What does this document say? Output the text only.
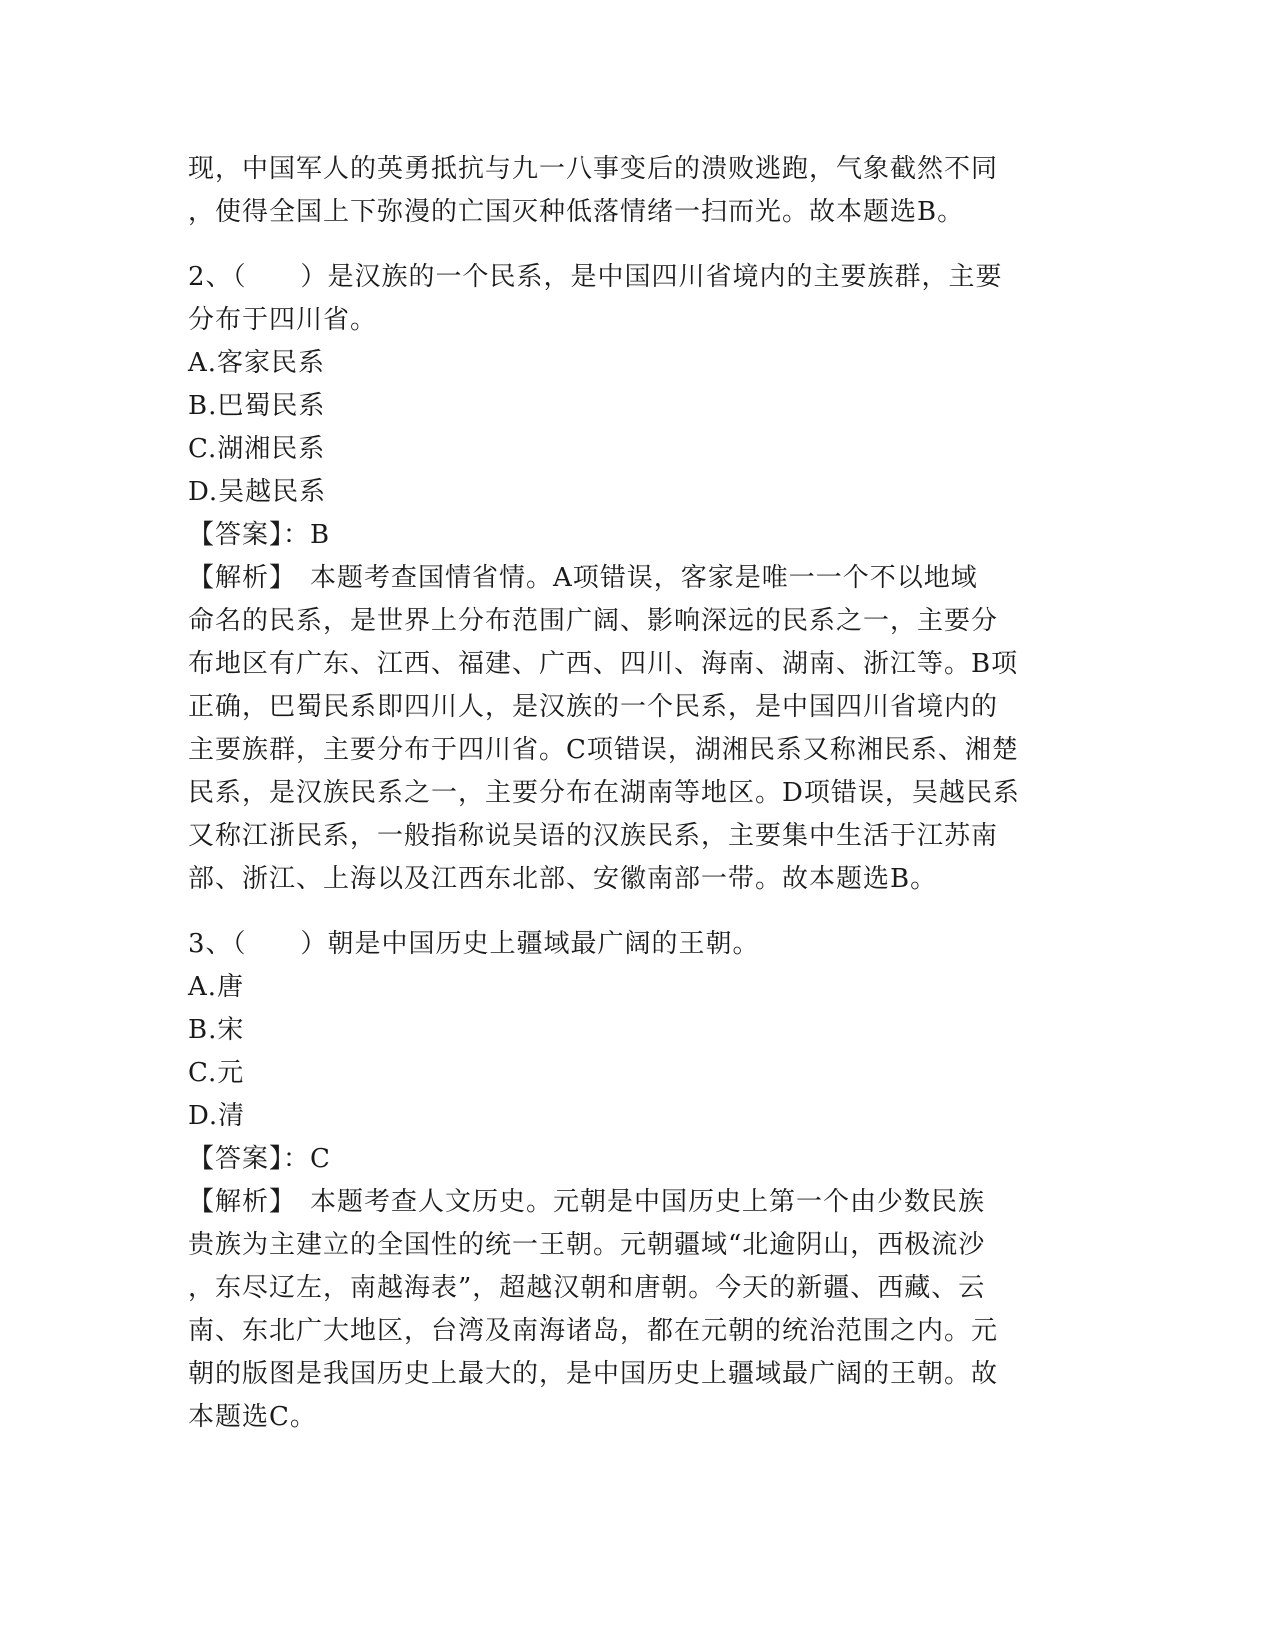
现，中国军人的英勇抵抗与九一八事变后的溃败逃跑，气象截然不同
，使得全国上下弥漫的亡国灭种低落情绪一扫而光。故本题选B。
2、（　　）是汉族的一个民系，是中国四川省境内的主要族群，主要
分布于四川省。
A.客家民系
B.巴蜀民系
C.湖湘民系
D.吴越民系
【答案】：B
【解析】　本题考查国情省情。A项错误，客家是唯一一个不以地域
命名的民系，是世界上分布范围广阔、影响深远的民系之一，主要分
布地区有广东、江西、福建、广西、四川、海南、湖南、浙江等。B项
正确，巴蜀民系即四川人，是汉族的一个民系，是中国四川省境内的
主要族群，主要分布于四川省。C项错误，湖湘民系又称湘民系、湘楚
民系，是汉族民系之一，主要分布在湖南等地区。D项错误，吴越民系
又称江浙民系，一般指称说吴语的汉族民系，主要集中生活于江苏南
部、浙江、上海以及江西东北部、安徽南部一带。故本题选B。
3、（　　）朝是中国历史上疆域最广阔的王朝。
A.唐
B.宋
C.元
D.清
【答案】：C
【解析】　本题考查人文历史。元朝是中国历史上第一个由少数民族
贵族为主建立的全国性的统一王朝。元朝疆域“北逾阴山，西极流沙
，东尽辽左，南越海表”，超越汉朝和唐朝。今天的新疆、西藏、云
南、东北广大地区，台湾及南海诸岛，都在元朝的统治范围之内。元
朝的版图是我国历史上最大的，是中国历史上疆域最广阔的王朝。故
本题选C。
